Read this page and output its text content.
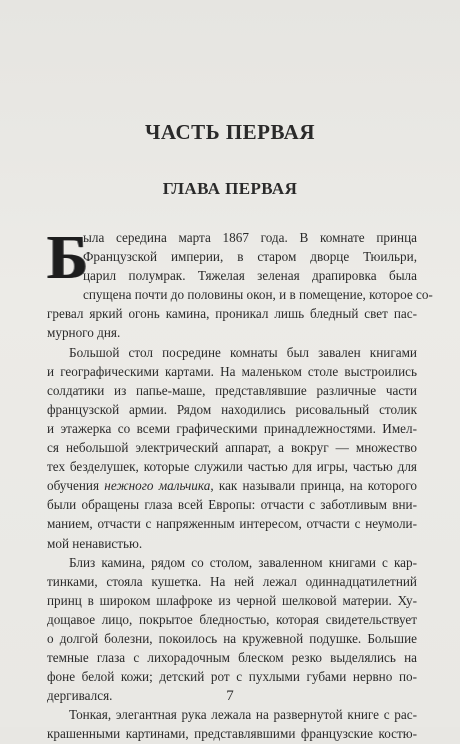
ЧАСТЬ ПЕРВАЯ
ГЛАВА ПЕРВАЯ

Б
ыла середина марта 1867 года. В комнате принца
Французской империи, в старом дворце Тюильри,
царил полумрак. Тяжелая зеленая драпировка была
спущена почти до половины окон, и в помещение, которое со-
гревал яркий огонь камина, проникал лишь бледный свет пас-
мурного дня.

Большой стол посредине комнаты был завален книгами
и географическими картами. На маленьком столе выстроились
солдатики из папье-маше, представлявшие различные части
французской армии. Рядом находились рисовальный столик
и этажерка со всеми графическими принадлежностями. Имел-
ся небольшой электрический аппарат, а вокруг — множество
тех безделушек, которые служили частью для игры, частью для
обучения нежного мальчика, как называли принца, на которого
были обращены глаза всей Европы: отчасти с заботливым вни-
манием, отчасти с напряженным интересом, отчасти с неумоли-
мой ненавистью.

Близ камина, рядом со столом, заваленном книгами с кар-
тинками, стояла кушетка. На ней лежал одиннадцатилетний
принц в широком шлафроке из черной шелковой материи. Ху-
дощавое лицо, покрытое бледностью, которая свидетельствует
о долгой болезни, покоилось на кружевной подушке. Большие
темные глаза с лихорадочным блеском резко выделялись на
фоне белой кожи; детский рот с пухлыми губами нервно по-
дергивался.

Тонкая, элегантная рука лежала на развернутой книге с рас-
крашенными картинами, представлявшими французские костю-

7
